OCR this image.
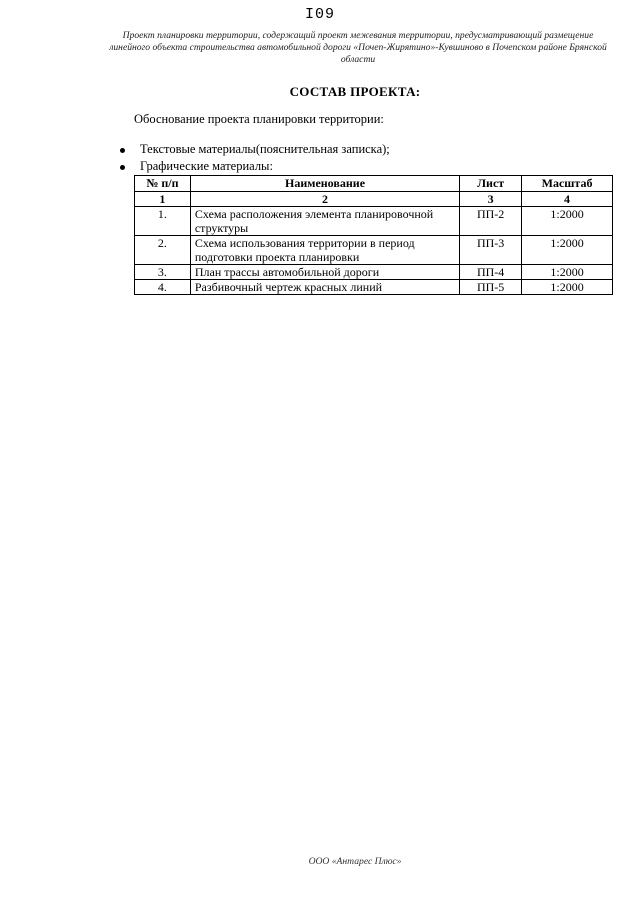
I09
Проект планировки территории, содержащий проект межевания территории, предусматривающий размещение линейного объекта строительства автомобильной дороги «Почеп-Жирятино»-Кувшиново в Почепском районе Брянской области
СОСТАВ ПРОЕКТА:
Обоснование проекта планировки территории:
Текстовые материалы(пояснительная записка);
Графические материалы:
№ п/п	Наименование	Лист	Масштаб
1	2	3	4
1.	Схема расположения элемента планировочной структуры	ПП-2	1:2000
2.	Схема использования территории в период подготовки проекта планировки	ПП-3	1:2000
3.	План трассы автомобильной дороги	ПП-4	1:2000
4.	Разбивочный чертеж красных линий	ПП-5	1:2000
ООО «Антарес Плюс»
